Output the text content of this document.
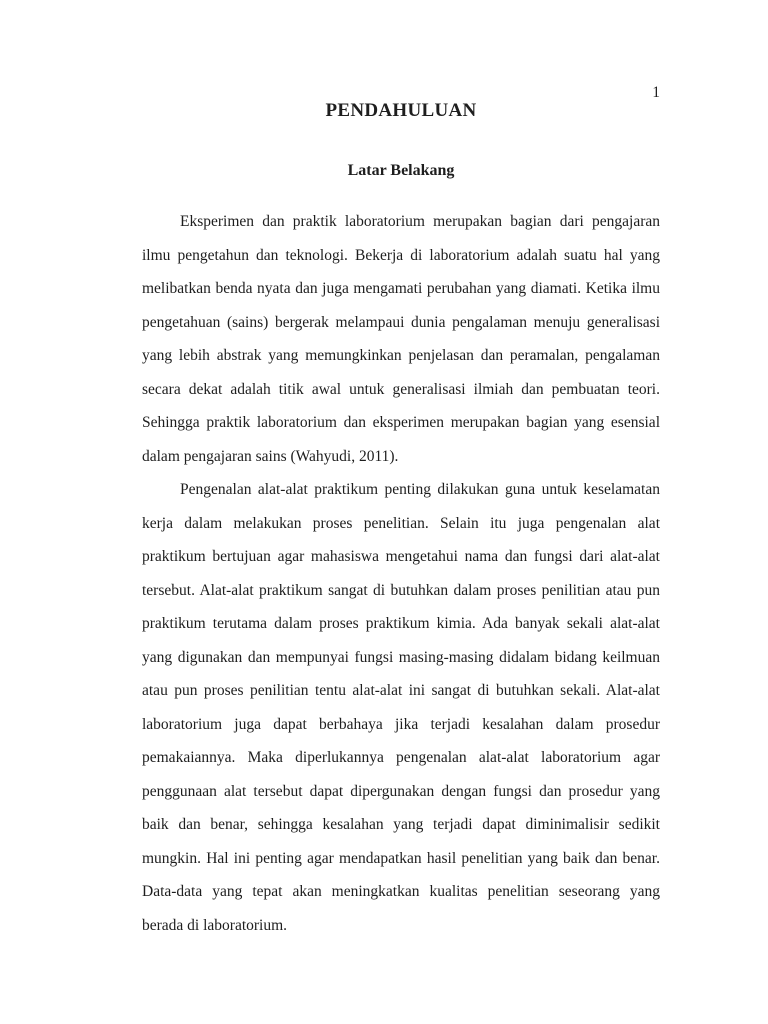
1
PENDAHULUAN
Latar Belakang
Eksperimen dan praktik laboratorium merupakan bagian dari pengajaran
ilmu pengetahun dan teknologi. Bekerja di laboratorium adalah suatu hal yang
melibatkan benda nyata dan juga mengamati perubahan yang diamati. Ketika ilmu
pengetahuan (sains) bergerak melampaui dunia pengalaman menuju generalisasi
yang lebih abstrak yang memungkinkan penjelasan dan peramalan, pengalaman
secara dekat adalah titik awal untuk generalisasi ilmiah dan pembuatan teori.
Sehingga praktik laboratorium dan eksperimen merupakan bagian yang esensial
dalam pengajaran sains (Wahyudi, 2011).
Pengenalan alat-alat praktikum penting dilakukan guna untuk keselamatan
kerja dalam melakukan proses penelitian. Selain itu juga pengenalan alat
praktikum bertujuan agar mahasiswa mengetahui nama dan fungsi dari alat-alat
tersebut. Alat-alat praktikum sangat di butuhkan dalam proses penilitian atau pun
praktikum terutama dalam proses praktikum kimia. Ada banyak sekali alat-alat
yang digunakan dan mempunyai fungsi masing-masing didalam bidang keilmuan
atau pun proses penilitian tentu alat-alat ini sangat di butuhkan sekali. Alat-alat
laboratorium juga dapat berbahaya jika terjadi kesalahan dalam prosedur
pemakaiannya. Maka diperlukannya pengenalan alat-alat laboratorium agar
penggunaan alat tersebut dapat dipergunakan dengan fungsi dan prosedur yang
baik dan benar, sehingga kesalahan yang terjadi dapat diminimalisir sedikit
mungkin. Hal ini penting agar mendapatkan hasil penelitian yang baik dan benar.
Data-data yang tepat akan meningkatkan kualitas penelitian seseorang yang
berada di laboratorium.
